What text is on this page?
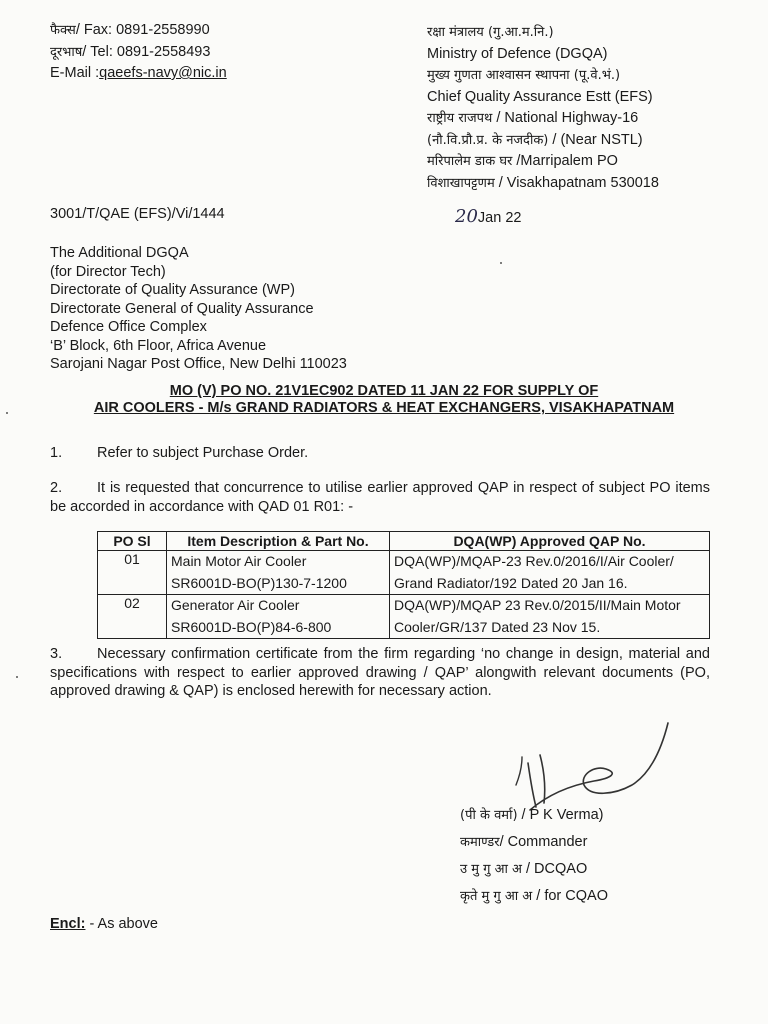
फैक्स/ Fax: 0891-2558990
दूरभाष/ Tel: 0891-2558493
E-Mail :qaeefs-navy@nic.in
रक्षा मंत्रालय (गु.आ.म.नि.)
Ministry of Defence (DGQA)
मुख्य गुणता आश्वासन स्थापना (पू.वे.भं.)
Chief Quality Assurance Estt (EFS)
राष्ट्रीय राजपथ / National Highway-16
(नौ.वि.प्रौ.प्र. के नजदीक) / (Near NSTL)
मरिपालेम डाक घर /Marripalem PO
विशाखापट्टणम / Visakhapatnam 530018
3001/T/QAE (EFS)/Vi/1444	20Jan 22
The Additional DGQA
(for Director Tech)
Directorate of Quality Assurance (WP)
Directorate General of Quality Assurance
Defence Office Complex
‘B’ Block, 6th Floor, Africa Avenue
Sarojani Nagar Post Office, New Delhi 110023
MO (V) PO NO. 21V1EC902 DATED 11 JAN 22 FOR SUPPLY OF
AIR COOLERS - M/s GRAND RADIATORS & HEAT EXCHANGERS, VISAKHAPATNAM
1. Refer to subject Purchase Order.
2. It is requested that concurrence to utilise earlier approved QAP in respect of subject PO items be accorded in accordance with QAD 01 R01: -
PO Sl	Item Description & Part No.	DQA(WP) Approved QAP No.
01	Main Motor Air Cooler
SR6001D-BO(P)130-7-1200	DQA(WP)/MQAP-23 Rev.0/2016/I/Air Cooler/
Grand Radiator/192 Dated 20 Jan 16.

02	Generator Air Cooler
SR6001D-BO(P)84-6-800	DQA(WP)/MQAP 23 Rev.0/2015/II/Main Motor
Cooler/GR/137 Dated 23 Nov 15.
3. Necessary confirmation certificate from the firm regarding ‘no change in design, material and specifications with respect to earlier approved drawing / QAP’ alongwith relevant documents (PO, approved drawing & QAP) is enclosed herewith for necessary action.
(पी के वर्मा) / P K Verma)
कमाण्डर/ Commander
उ मु गु आ अ / DCQAO
कृते मु गु आ अ / for CQAO
Encl: - As above
